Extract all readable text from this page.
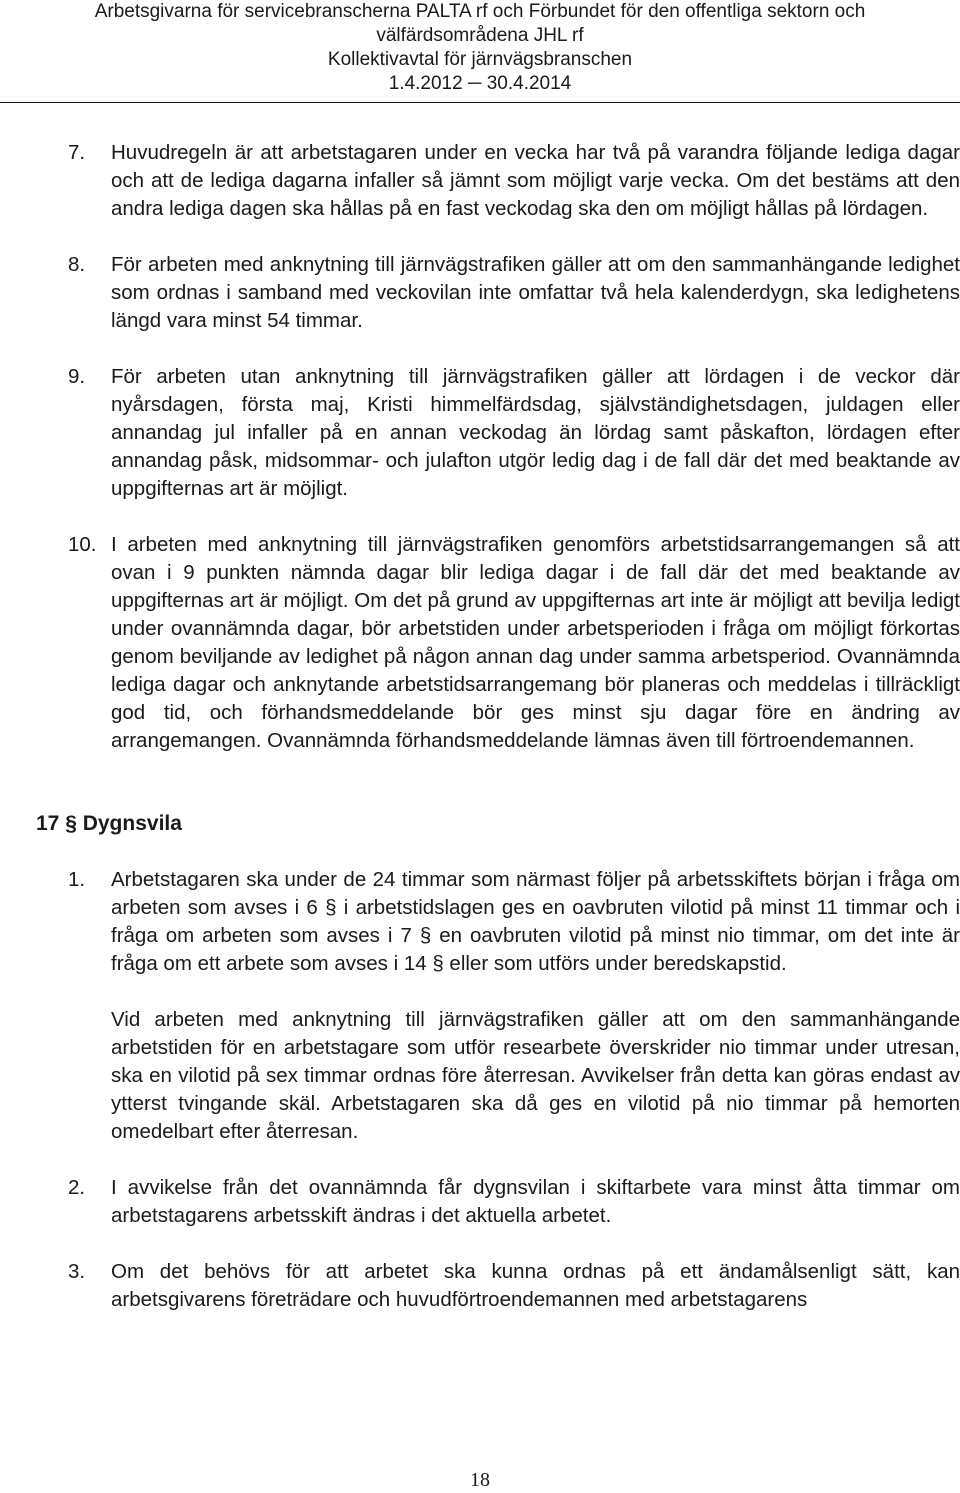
Arbetsgivarna för servicebranscherna PALTA rf och Förbundet för den offentliga sektorn och
välfärdsområdena JHL rf
Kollektivavtal för järnvägsbranschen
1.4.2012 ─ 30.4.2014
7. Huvudregeln är att arbetstagaren under en vecka har två på varandra följande lediga dagar och att de lediga dagarna infaller så jämnt som möjligt varje vecka. Om det bestäms att den andra lediga dagen ska hållas på en fast veckodag ska den om möjligt hållas på lördagen.
8. För arbeten med anknytning till järnvägstrafiken gäller att om den sammanhängande ledighet som ordnas i samband med veckovilan inte omfattar två hela kalenderdygn, ska ledighetens längd vara minst 54 timmar.
9. För arbeten utan anknytning till järnvägstrafiken gäller att lördagen i de veckor där nyårsdagen, första maj, Kristi himmelfärdsdag, självständighetsdagen, juldagen eller annandag jul infaller på en annan veckodag än lördag samt påskafton, lördagen efter annandag påsk, midsommar- och julafton utgör ledig dag i de fall där det med beaktande av uppgifternas art är möjligt.
10. I arbeten med anknytning till järnvägstrafiken genomförs arbetstidsarrangemangen så att ovan i 9 punkten nämnda dagar blir lediga dagar i de fall där det med beaktande av uppgifternas art är möjligt. Om det på grund av uppgifternas art inte är möjligt att bevilja ledigt under ovannämnda dagar, bör arbetstiden under arbetsperioden i fråga om möjligt förkortas genom beviljande av ledighet på någon annan dag under samma arbetsperiod. Ovannämnda lediga dagar och anknytande arbetstidsarrangemang bör planeras och meddelas i tillräckligt god tid, och förhandsmeddelande bör ges minst sju dagar före en ändring av arrangemangen. Ovannämnda förhandsmeddelande lämnas även till förtroendemannen.
17 § Dygnsvila
1. Arbetstagaren ska under de 24 timmar som närmast följer på arbetsskiftets början i fråga om arbeten som avses i 6 § i arbetstidslagen ges en oavbruten vilotid på minst 11 timmar och i fråga om arbeten som avses i 7 § en oavbruten vilotid på minst nio timmar, om det inte är fråga om ett arbete som avses i 14 § eller som utförs under beredskapstid.
Vid arbeten med anknytning till järnvägstrafiken gäller att om den sammanhängande arbetstiden för en arbetstagare som utför researbete överskrider nio timmar under utresan, ska en vilotid på sex timmar ordnas före återresan. Avvikelser från detta kan göras endast av ytterst tvingande skäl. Arbetstagaren ska då ges en vilotid på nio timmar på hemorten omedelbart efter återresan.
2. I avvikelse från det ovannämnda får dygnsvilan i skiftarbete vara minst åtta timmar om arbetstagarens arbetsskift ändras i det aktuella arbetet.
3. Om det behövs för att arbetet ska kunna ordnas på ett ändamålsenligt sätt, kan arbetsgivarens företrädare och huvudförtroendemannen med arbetstagarens
18
